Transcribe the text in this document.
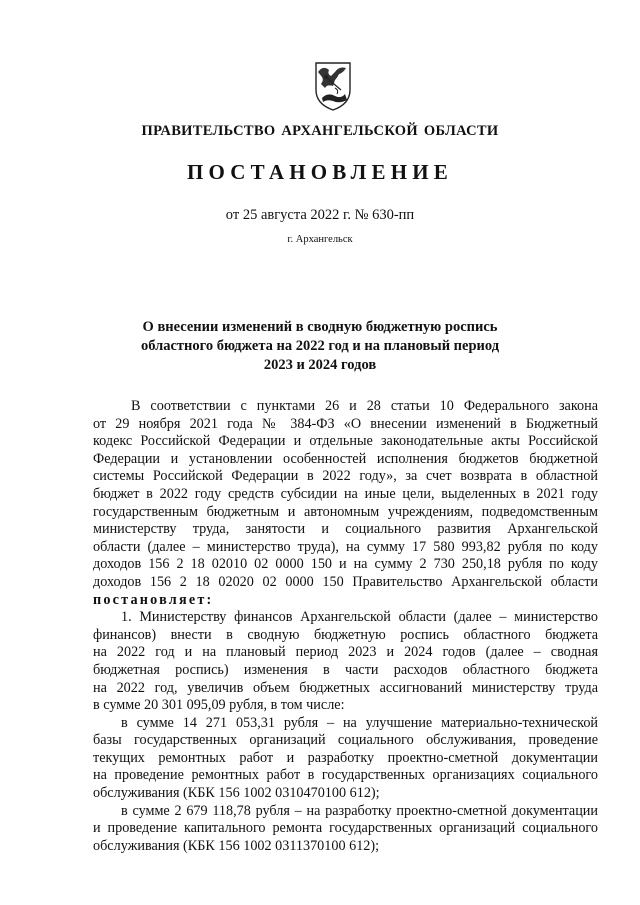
ПРАВИТЕЛЬСТВО АРХАНГЕЛЬСКОЙ ОБЛАСТИ
ПОСТАНОВЛЕНИЕ
от 25 августа 2022 г. № 630-пп
г. Архангельск
О внесении изменений в сводную бюджетную роспись
областного бюджета на 2022 год и на плановый период
2023 и 2024 годов
В соответствии с пунктами 26 и 28 статьи 10 Федерального закона
от 29 ноября 2021 года № 384-ФЗ «О внесении изменений в Бюджетный
кодекс Российской Федерации и отдельные законодательные акты Российской
Федерации и установлении особенностей исполнения бюджетов бюджетной
системы Российской Федерации в 2022 году», за счет возврата в областной
бюджет в 2022 году средств субсидии на иные цели, выделенных в 2021 году
государственным бюджетным и автономным учреждениям, подведомственным
министерству труда, занятости и социального развития Архангельской
области (далее – министерство труда), на сумму 17 580 993,82 рубля по коду
доходов 156 2 18 02010 02 0000 150 и на сумму 2 730 250,18 рубля по коду
доходов 156 2 18 02020 02 0000 150 Правительство Архангельской области
постановляет:
1. Министерству финансов Архангельской области (далее – министерство
финансов) внести в сводную бюджетную роспись областного бюджета
на 2022 год и на плановый период 2023 и 2024 годов (далее – сводная
бюджетная роспись) изменения в части расходов областного бюджета
на 2022 год, увеличив объем бюджетных ассигнований министерству труда
в сумме 20 301 095,09 рубля, в том числе:
в сумме 14 271 053,31 рубля – на улучшение материально-технической
базы государственных организаций социального обслуживания, проведение
текущих ремонтных работ и разработку проектно-сметной документации
на проведение ремонтных работ в государственных организациях социального
обслуживания (КБК 156 1002 0310470100 612);
в сумме 2 679 118,78 рубля – на разработку проектно-сметной документации
и проведение капитального ремонта государственных организаций социального
обслуживания (КБК 156 1002 0311370100 612);
